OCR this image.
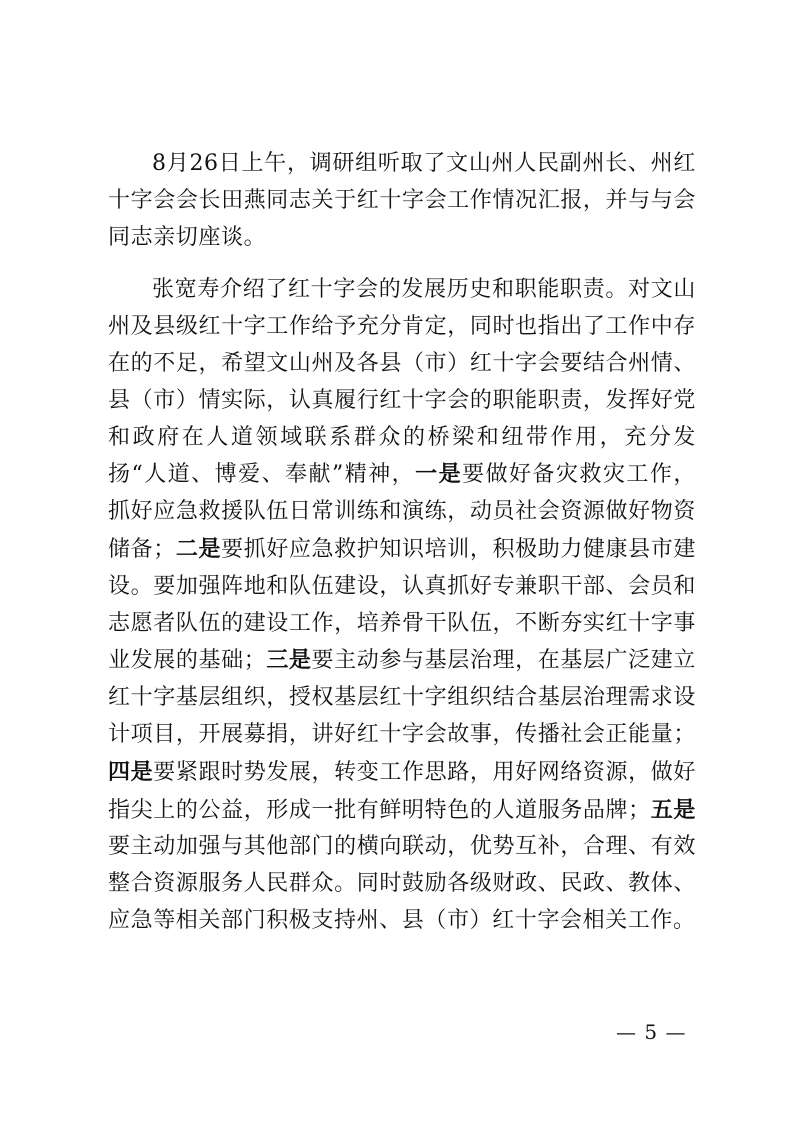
8月26日上午，调研组听取了文山州人民副州长、州红十字会会长田燕同志关于红十字会工作情况汇报，并与与会同志亲切座谈。

张宽寿介绍了红十字会的发展历史和职能职责。对文山州及县级红十字工作给予充分肯定，同时也指出了工作中存在的不足，希望文山州及各县（市）红十字会要结合州情、县（市）情实际，认真履行红十字会的职能职责，发挥好党和政府在人道领域联系群众的桥梁和纽带作用，充分发扬“人道、博爱、奉献”精神，一是要做好备灾救灾工作，抓好应急救援队伍日常训练和演练，动员社会资源做好物资储备；二是要抓好应急救护知识培训，积极助力健康县市建设。要加强阵地和队伍建设，认真抓好专兼职干部、会员和志愿者队伍的建设工作，培养骨干队伍，不断夯实红十字事业发展的基础；三是要主动参与基层治理，在基层广泛建立红十字基层组织，授权基层红十字组织结合基层治理需求设计项目，开展募捐，讲好红十字会故事，传播社会正能量；四是要紧跟时势发展，转变工作思路，用好网络资源，做好指尖上的公益，形成一批有鲜明特色的人道服务品牌；五是要主动加强与其他部门的横向联动，优势互补，合理、有效整合资源服务人民群众。同时鼓励各级财政、民政、教体、应急等相关部门积极支持州、县（市）红十字会相关工作。

— 5 —
